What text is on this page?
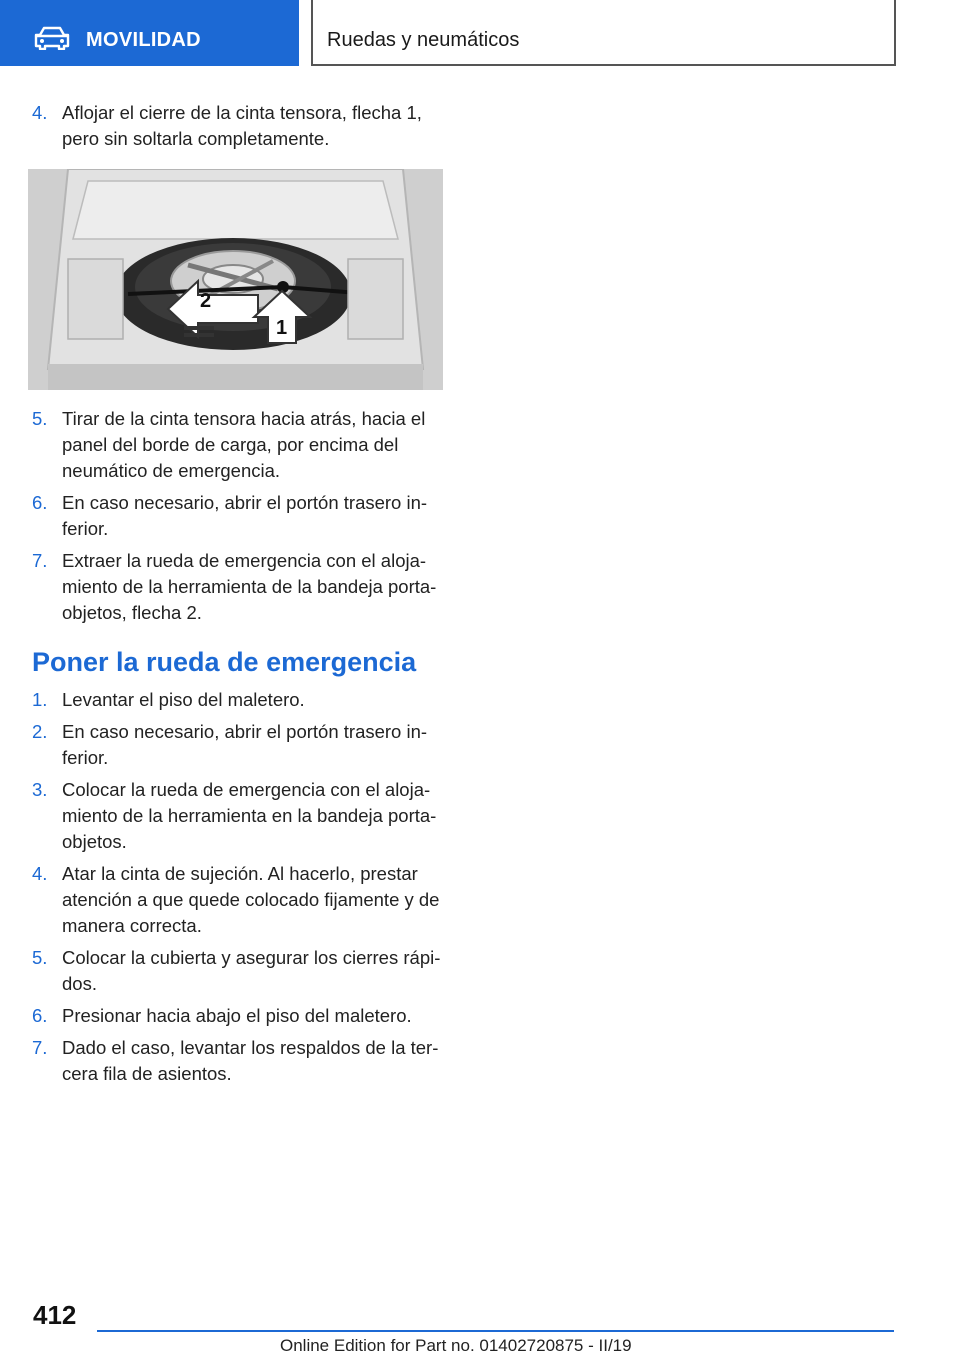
MOVILIDAD	Ruedas y neumáticos
4. Aflojar el cierre de la cinta tensora, flecha 1, pero sin soltarla completamente.
2
1
5. Tirar de la cinta tensora hacia atrás, hacia el panel del borde de carga, por encima del neumático de emergencia.
6. En caso necesario, abrir el portón trasero in-ferior.
7. Extraer la rueda de emergencia con el aloja-miento de la herramienta de la bandeja porta-objetos, flecha 2.
Poner la rueda de emergencia
1. Levantar el piso del maletero.
2. En caso necesario, abrir el portón trasero in-ferior.
3. Colocar la rueda de emergencia con el aloja-miento de la herramienta en la bandeja porta-objetos.
4. Atar la cinta de sujeción. Al hacerlo, prestar atención a que quede colocado fijamente y de manera correcta.
5. Colocar la cubierta y asegurar los cierres rápi-dos.
6. Presionar hacia abajo el piso del maletero.
7. Dado el caso, levantar los respaldos de la ter-cera fila de asientos.
412
Online Edition for Part no. 01402720875 - II/19
